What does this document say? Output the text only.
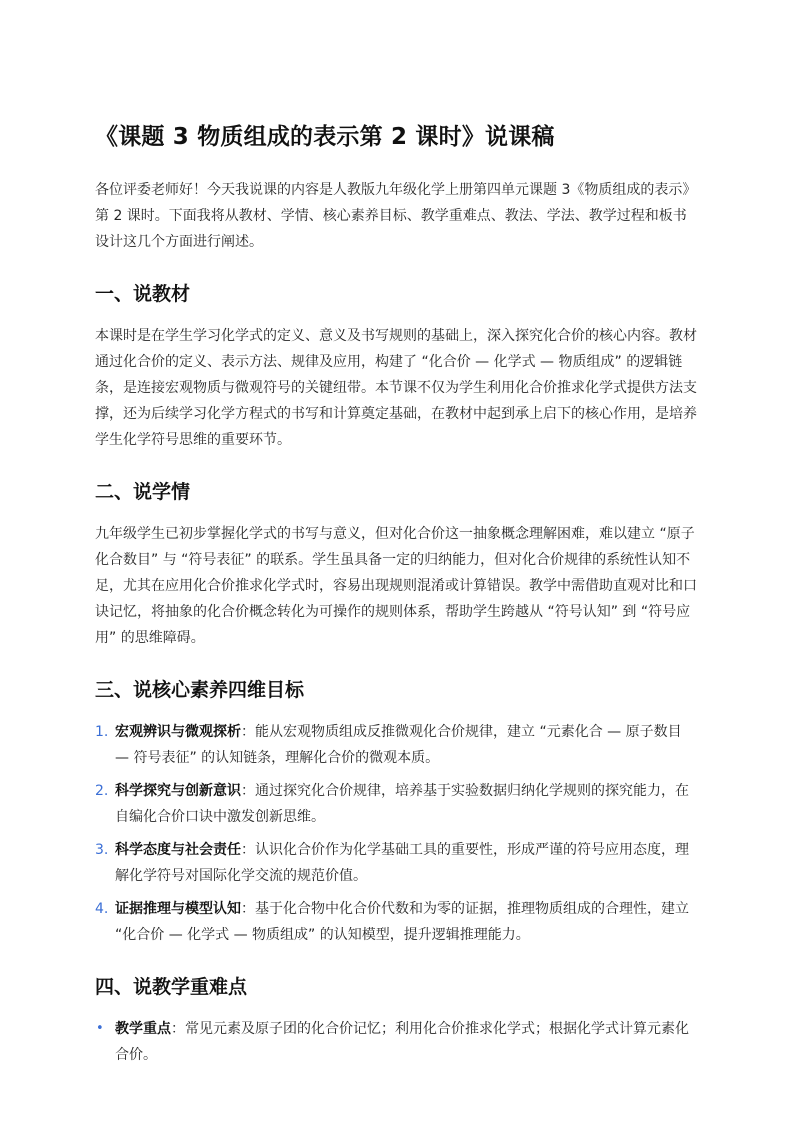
《课题 3 物质组成的表示第 2 课时》说课稿

各位评委老师好！今天我说课的内容是人教版九年级化学上册第四单元课题 3《物质组成的表示》第 2 课时。下面我将从教材、学情、核心素养目标、教学重难点、教法、学法、教学过程和板书设计这几个方面进行阐述。

一、说教材

本课时是在学生学习化学式的定义、意义及书写规则的基础上，深入探究化合价的核心内容。教材通过化合价的定义、表示方法、规律及应用，构建了 “化合价 — 化学式 — 物质组成” 的逻辑链条，是连接宏观物质与微观符号的关键纽带。本节课不仅为学生利用化合价推求化学式提供方法支撑，还为后续学习化学方程式的书写和计算奠定基础，在教材中起到承上启下的核心作用，是培养学生化学符号思维的重要环节。

二、说学情

九年级学生已初步掌握化学式的书写与意义，但对化合价这一抽象概念理解困难，难以建立 “原子化合数目” 与 “符号表征” 的联系。学生虽具备一定的归纳能力，但对化合价规律的系统性认知不足，尤其在应用化合价推求化学式时，容易出现规则混淆或计算错误。教学中需借助直观对比和口诀记忆，将抽象的化合价概念转化为可操作的规则体系，帮助学生跨越从 “符号认知” 到 “符号应用” 的思维障碍。

三、说核心素养四维目标
1. 宏观辨识与微观探析：能从宏观物质组成反推微观化合价规律，建立 “元素化合 — 原子数目 — 符号表征” 的认知链条，理解化合价的微观本质。
2. 科学探究与创新意识：通过探究化合价规律，培养基于实验数据归纳化学规则的探究能力，在自编化合价口诀中激发创新思维。
3. 科学态度与社会责任：认识化合价作为化学基础工具的重要性，形成严谨的符号应用态度，理解化学符号对国际化学交流的规范价值。
4. 证据推理与模型认知：基于化合物中化合价代数和为零的证据，推理物质组成的合理性，建立 “化合价 — 化学式 — 物质组成” 的认知模型，提升逻辑推理能力。
四、说教学重难点
• 教学重点：常见元素及原子团的化合价记忆；利用化合价推求化学式；根据化学式计算元素化合价。
